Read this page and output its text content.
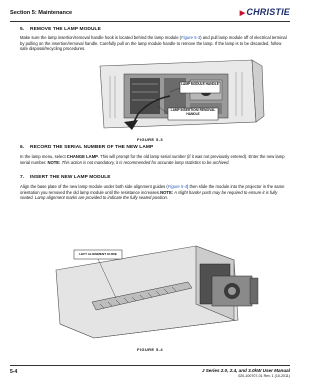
Section 5: Maintenance	▶CHRISTIE
5. REMOVE THE LAMP MODULE
Make sure the lamp insertion/removal handle hook is located behind the lamp module (Figure 5-3) and pull lamp module off of electrical terminal by pulling on the insertion/removal handle. Carefully pull on the lamp module handle to remove the lamp. If the lamp is to be discarded, follow safe disposal/recycling procedures.
LAMP MODULE HANDLE
LAMP INSERTION/ REMOVAL HANDLE
FIGURE 5-3
6. RECORD THE SERIAL NUMBER OF THE NEW LAMP
In the lamp menu, select CHANGE LAMP. This will prompt for the old lamp serial number (if it was not previously entered). Enter the new lamp serial number. NOTE: This action is not mandatory, it is recommended for accurate lamp statistics to be archived.
7. INSERT THE NEW LAMP MODULE
Align the base plate of the new lamp module under both side alignment guides (Figure 5-4) then slide the module into the projector in the same orientation you removed the old lamp module until the resistance increases.NOTE: A slight harder push may be required to ensure it is fully seated. Lamp alignment marks are provided to indicate the fully seated position.
LEFT ALIGNMENT GUIDE
FIGURE 5-4
5-4	J Series 2.0, 2.4, and 3.0kW User Manual
020-100707-01 Rev. 1 (10-2011)
